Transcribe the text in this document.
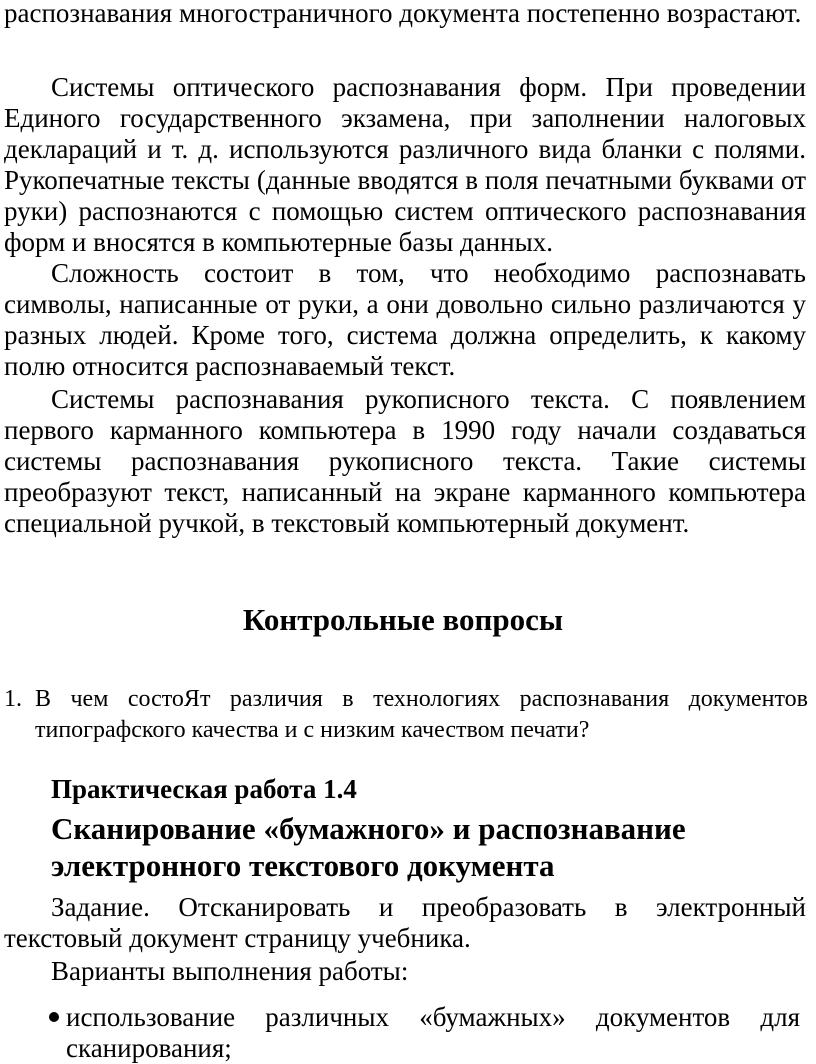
распознавания многостраничного документа постепенно возрастают.

Системы оптического распознавания форм. При проведении Единого государственного экзамена, при заполнении налоговых деклараций и т. д. используются различного вида бланки с полями. Рукопечатные тексты (данные вводятся в поля печатными буквами от руки) распознаются с помощью систем оптического распознавания форм и вносятся в компьютерные базы данных.

Сложность состоит в том, что необходимо распознавать символы, написанные от руки, а они довольно сильно различаются у разных людей. Кроме того, система должна определить, к какому полю относится распознаваемый текст.

Системы распознавания рукописного текста. С появлением первого карманного компьютера в 1990 году начали создаваться системы распознавания рукописного текста. Такие системы преобразуют текст, написанный на экране карманного компьютера специальной ручкой, в текстовый компьютерный документ.

Контрольные вопросы
1. В чем состоЯт различия в технологиях распознавания документов типографского качества и с низким качеством печати?
Практическая работа 1.4
Сканирование «бумажного» и распознавание электронного текстового документа

Задание. Отсканировать и преобразовать в электронный текстовый документ страницу учебника.

Варианты выполнения работы:

использование различных «бумажных» документов для сканирования;
